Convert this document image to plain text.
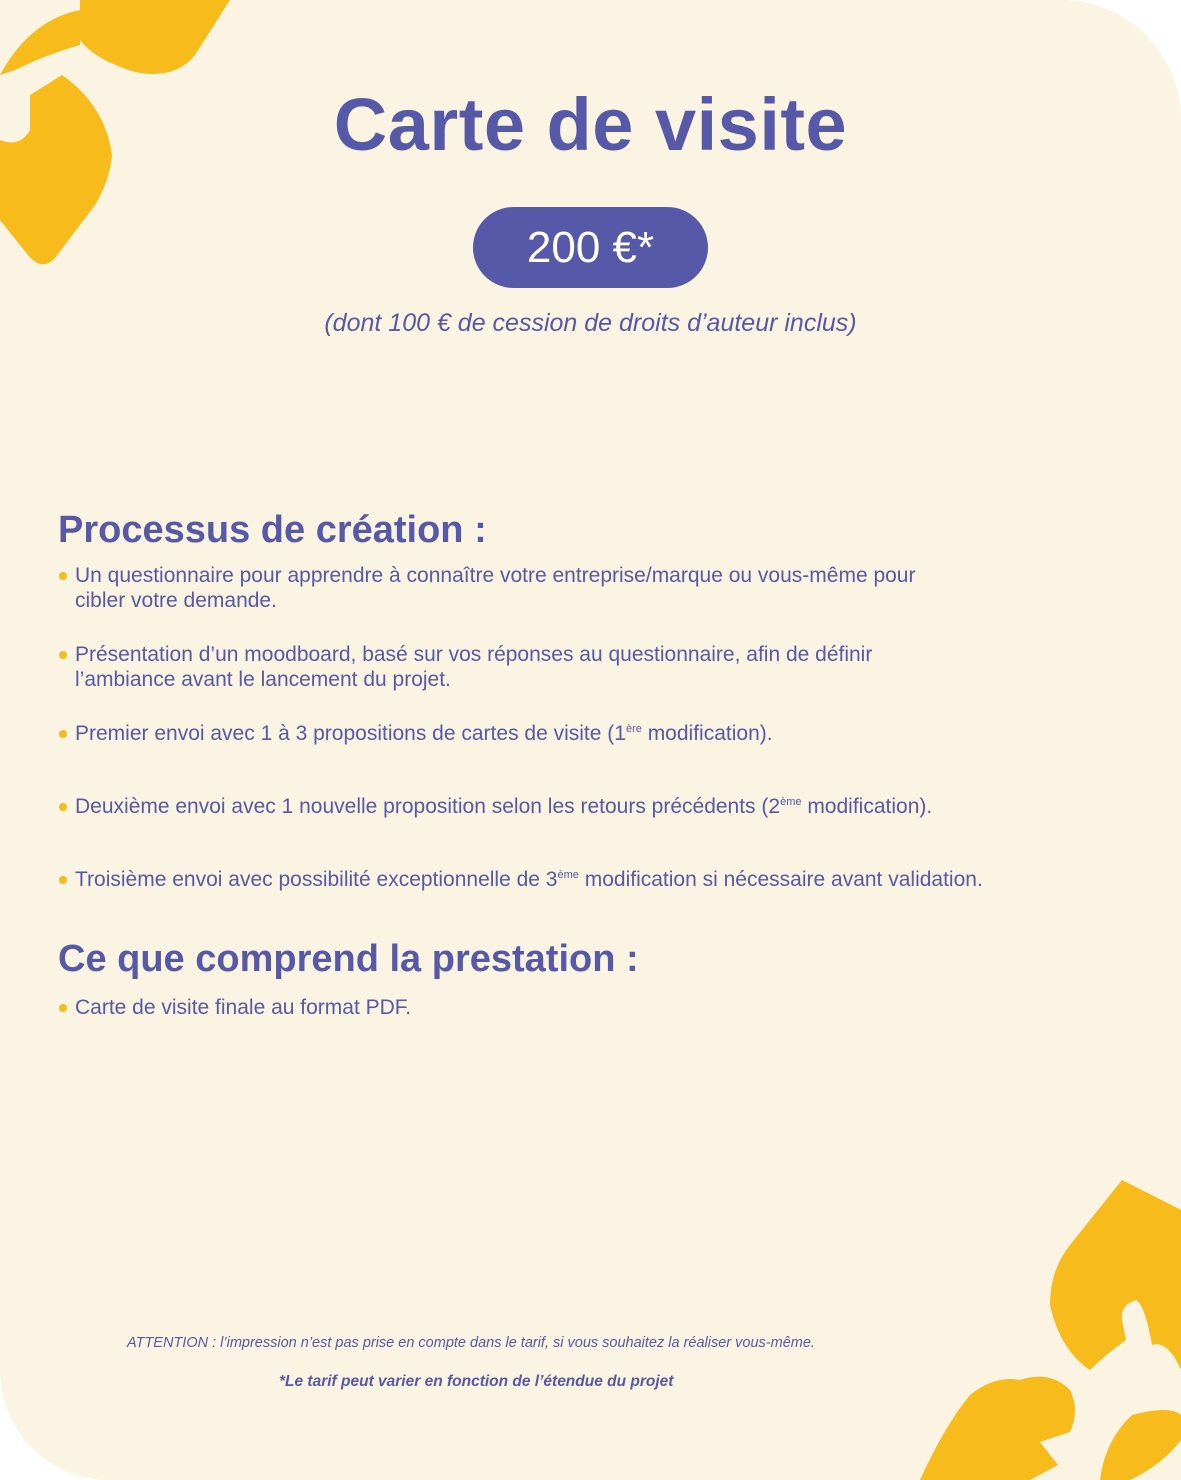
Carte de visite
200 €*
(dont 100 € de cession de droits d’auteur inclus)
Processus de création :
Un questionnaire pour apprendre à connaître votre entreprise/marque ou vous-même pour
cibler votre demande.
Présentation d’un moodboard, basé sur vos réponses au questionnaire, afin de définir
l’ambiance avant le lancement du projet.
Premier envoi avec 1 à 3 propositions de cartes de visite (1ère modification).
Deuxième envoi avec 1 nouvelle proposition selon les retours précédents (2ème modification).
Troisième envoi avec possibilité exceptionnelle de 3ème modification si nécessaire avant validation.
Ce que comprend la prestation :
Carte de visite finale au format PDF.
ATTENTION : l’impression n’est pas prise en compte dans le tarif, si vous souhaitez la réaliser vous-même.
*Le tarif peut varier en fonction de l’étendue du projet
